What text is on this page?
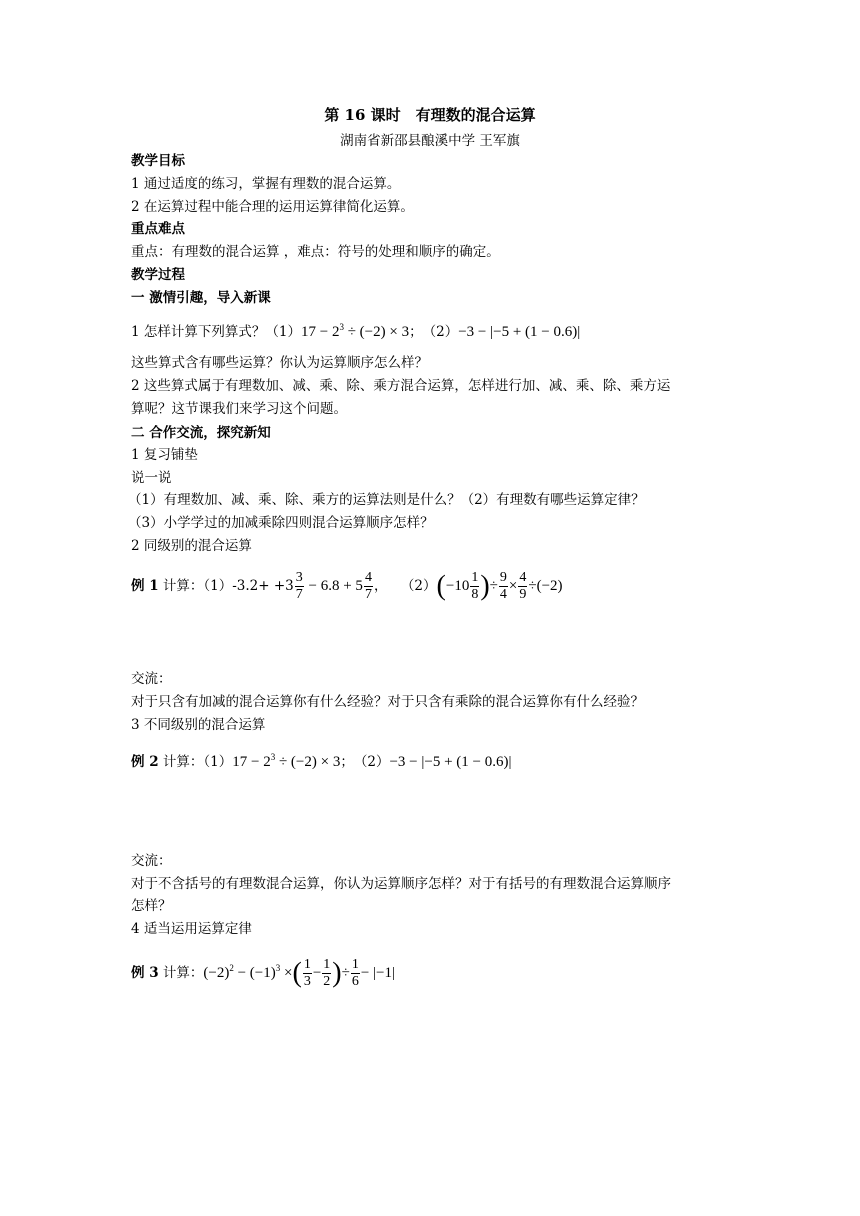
第 16 课时　有理数的混合运算
湖南省新邵县酿溪中学 王军旗
教学目标
1 通过适度的练习，掌握有理数的混合运算。
2 在运算过程中能合理的运用运算律简化运算。
重点难点
重点：有理数的混合运算 ，难点：符号的处理和顺序的确定。
教学过程
一 激情引趣，导入新课
1 怎样计算下列算式？$(1)17 - 2^3 \div (-2) \times 3$；　（2）−3 − |−5 + (1 − 0.6)|
这些算式含有哪些运算？你认为运算顺序怎么样？
2 这些算式属于有理数加、减、乘、除、乘方混合运算，怎样进行加、减、乘、除、乘方运
算呢？这节课我们来学习这个问题。
二 合作交流，探究新知
1 复习铺垫
说一说
（1）有理数加、减、乘、除、乘方的运算法则是什么？（2）有理数有哪些运算定律？
（3）小学学过的加减乘除四则混合运算顺序怎样？
2 同级别的混合运算
例 1 计算：$(1)-3.2+ +3 \frac{3}{7} - 6.8 + 5 \frac{4}{7}$ ，　　$(2)(-10 \frac{1}{8}$ )÷ $\frac{9}{4} \times \frac{4}{9} \div(-2)$
交流：
对于只含有加减的混合运算你有什么经验？对于只含有乘除的混合运算你有什么经验？
3 不同级别的混合运算
例 2 计算：$(1)17 - 2^3 \div (-2) \times 3$；　（2）−3 − |−5 + (1 − 0.6)|
交流：
对于不含括号的有理数混合运算，你认为运算顺序怎样？对于有括号的有理数混合运算顺序
怎样？
4 适当运用运算定律
例 3 计算：$(-2)^2 - (-1)^3$ ×( $\frac{1}{3} - \frac{1}{2}$ )÷ $\frac{1}{6} - |-1|$
